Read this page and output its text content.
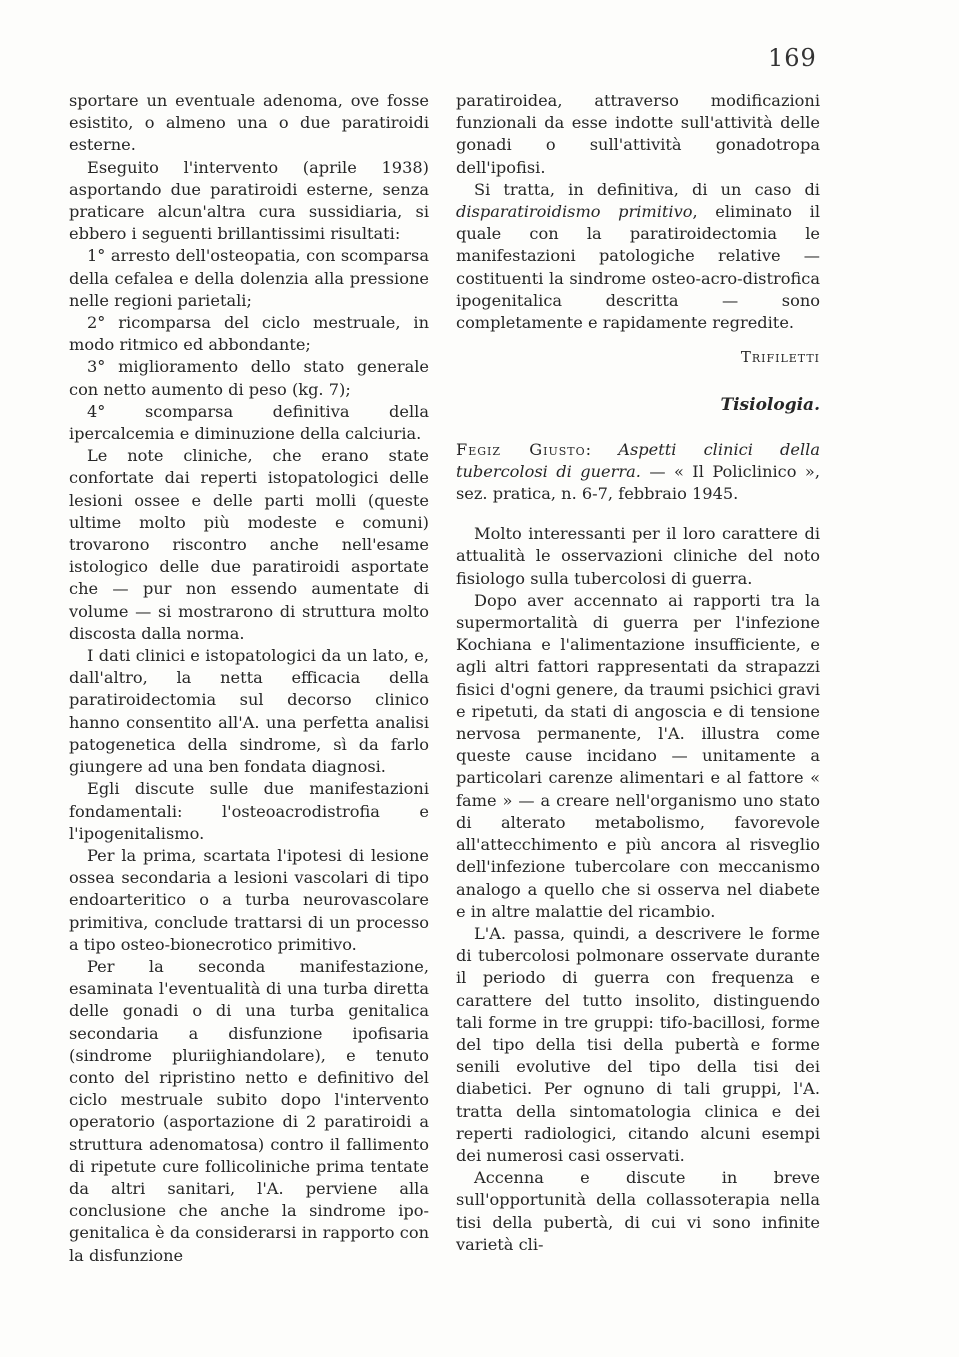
169

sportare un eventuale adenoma, ove fosse esistito, o almeno una o due paratiroidi esterne.

Eseguito l'intervento (aprile 1938) asportando due paratiroidi esterne, senza praticare alcun'altra cura sussidiaria, si ebbero i seguenti brillantissimi risultati:

1° arresto dell'osteopatia, con scomparsa della cefalea e della dolenzia alla pressione nelle regioni parietali;

2° ricomparsa del ciclo mestruale, in modo ritmico ed abbondante;

3° miglioramento dello stato generale con netto aumento di peso (kg. 7);

4° scomparsa definitiva della ipercalcemia e diminuzione della calciuria.

Le note cliniche, che erano state confortate dai reperti istopatologici delle lesioni ossee e delle parti molli (queste ultime molto più modeste e comuni) trovarono riscontro anche nell'esame istologico delle due paratiroidi asportate che — pur non essendo aumentate di volume — si mostrarono di struttura molto discosta dalla norma.

I dati clinici e istopatologici da un lato, e, dall'altro, la netta efficacia della paratiroidectomia sul decorso clinico hanno consentito all'A. una perfetta analisi patogenetica della sindrome, sì da farlo giungere ad una ben fondata diagnosi.

Egli discute sulle due manifestazioni fondamentali: l'osteoacrodistrofia e l'ipogenitalismo.

Per la prima, scartata l'ipotesi di lesione ossea secondaria a lesioni vascolari di tipo endoarteritico o a turba neurovascolare primitiva, conclude trattarsi di un processo a tipo osteo-bionecrotico primitivo.

Per la seconda manifestazione, esaminata l'eventualità di una turba diretta delle gonadi o di una turba genitalica secondaria a disfunzione ipofisaria (sindrome pluriighiandolare), e tenuto conto del ripristino netto e definitivo del ciclo mestruale subito dopo l'intervento operatorio (asportazione di 2 paratiroidi a struttura adenomatosa) contro il fallimento di ripetute cure follicoliniche prima tentate da altri sanitari, l'A. perviene alla conclusione che anche la sindrome ipo-genitalica è da considerarsi in rapporto con la disfunzione

paratiroidea, attraverso modificazioni funzionali da esse indotte sull'attività delle gonadi o sull'attività gonadotropa dell'ipofisi.

Si tratta, in definitiva, di un caso di disparatiroidismo primitivo, eliminato il quale con la paratiroidectomia le manifestazioni patologiche relative — costituenti la sindrome osteo-acro-distrofica ipogenitalica descritta — sono completamente e rapidamente regredite.

Trifiletti

Tisiologia.

Fegiz Giusto: Aspetti clinici della tubercolosi di guerra. — « Il Policlinico », sez. pratica, n. 6-7, febbraio 1945.

Molto interessanti per il loro carattere di attualità le osservazioni cliniche del noto fisiologo sulla tubercolosi di guerra.

Dopo aver accennato ai rapporti tra la supermortalità di guerra per l'infezione Kochiana e l'alimentazione insufficiente, e agli altri fattori rappresentati da strapazzi fisici d'ogni genere, da traumi psichici gravi e ripetuti, da stati di angoscia e di tensione nervosa permanente, l'A. illustra come queste cause incidano — unitamente a particolari carenze alimentari e al fattore « fame » — a creare nell'organismo uno stato di alterato metabolismo, favorevole all'attecchimento e più ancora al risveglio dell'infezione tubercolare con meccanismo analogo a quello che si osserva nel diabete e in altre malattie del ricambio.

L'A. passa, quindi, a descrivere le forme di tubercolosi polmonare osservate durante il periodo di guerra con frequenza e carattere del tutto insolito, distinguendo tali forme in tre gruppi: tifo-bacillosi, forme del tipo della tisi della pubertà e forme senili evolutive del tipo della tisi dei diabetici. Per ognuno di tali gruppi, l'A. tratta della sintomatologia clinica e dei reperti radiologici, citando alcuni esempi dei numerosi casi osservati.

Accenna e discute in breve sull'opportunità della collassoterapia nella tisi della pubertà, di cui vi sono infinite varietà cli-
